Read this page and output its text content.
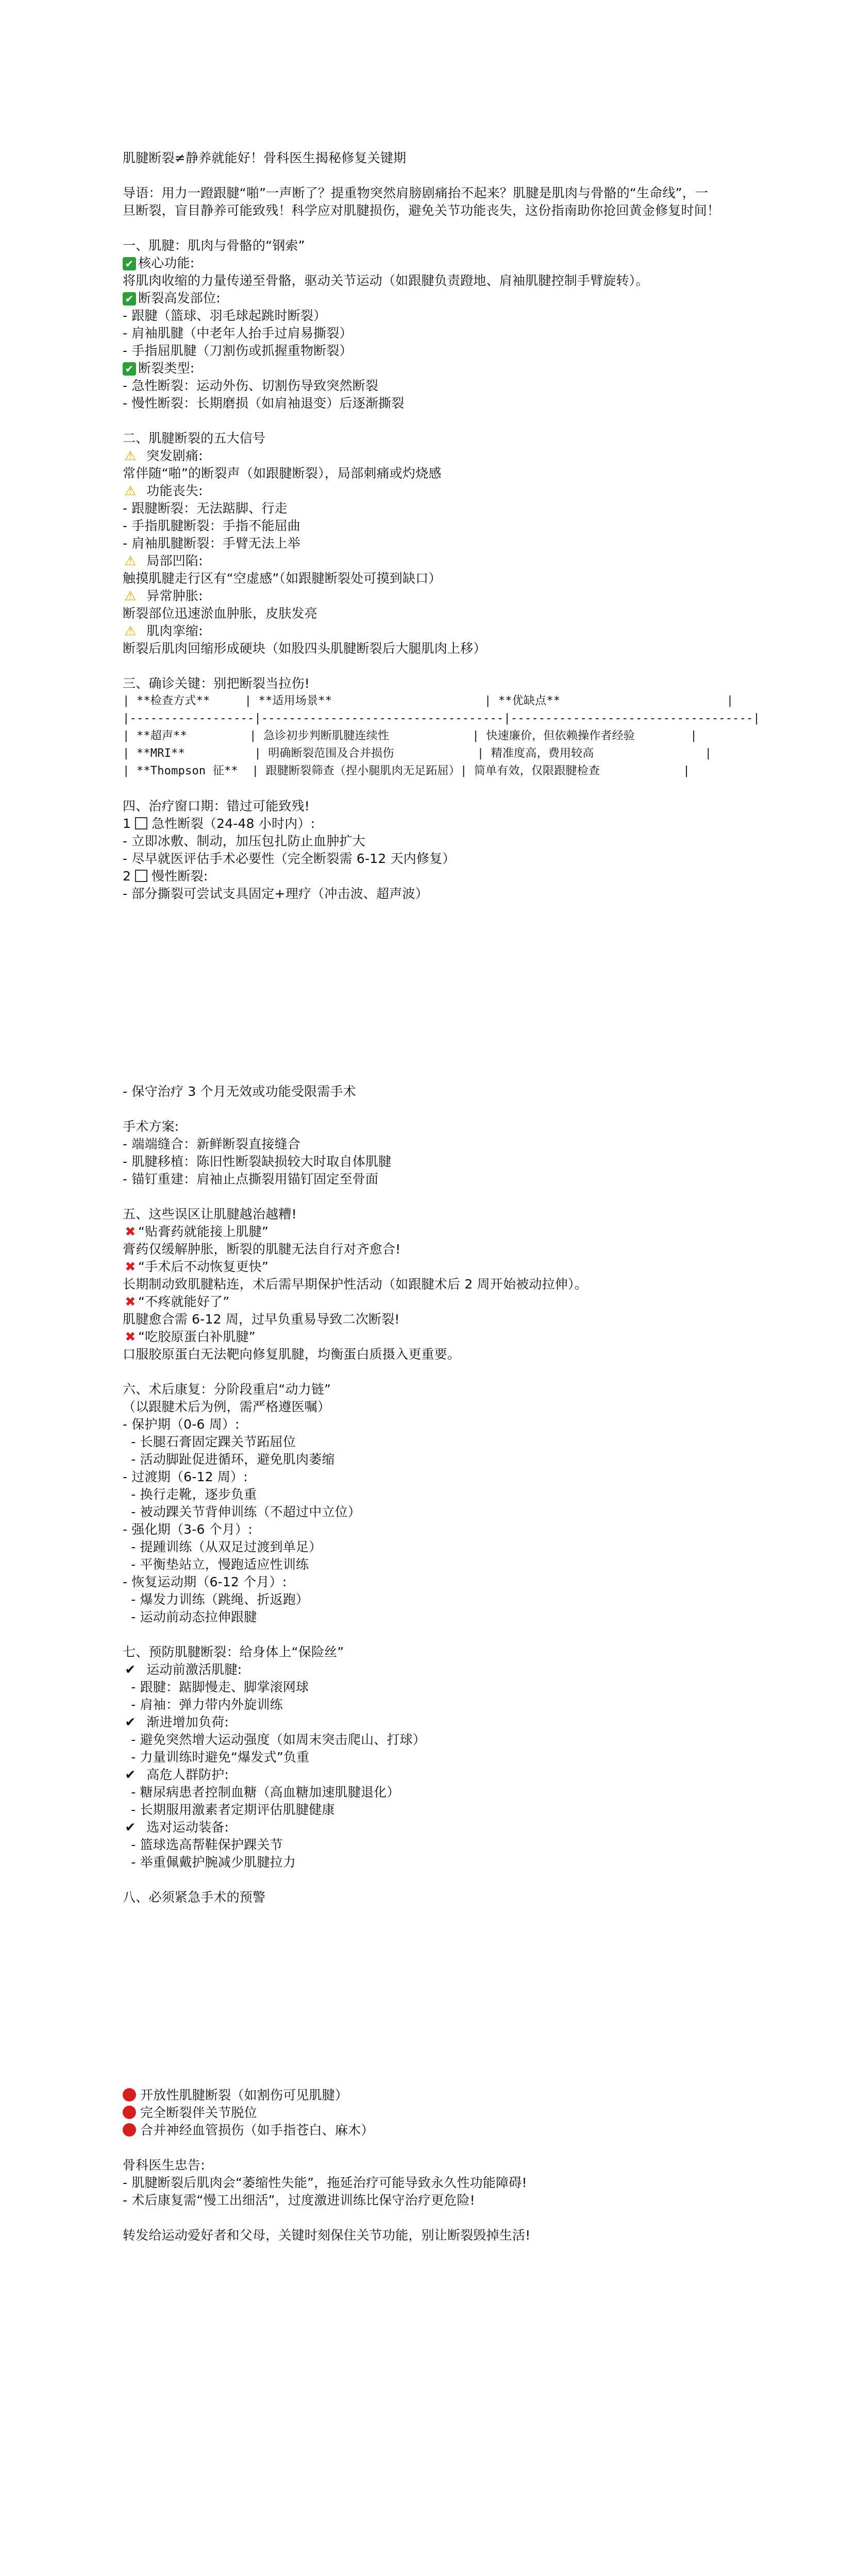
肌腱断裂≠静养就能好！骨科医生揭秘修复关键期
导语：用力一蹬跟腱“啪”一声断了？提重物突然肩膀剧痛抬不起来？肌腱是肌肉与骨骼的“生命线”，一旦断裂，盲目静养可能致残！科学应对肌腱损伤，避免关节功能丧失，这份指南助你抢回黄金修复时间！
一、肌腱：肌肉与骨骼的“钢索”
✔ 核心功能:
将肌肉收缩的力量传递至骨骼，驱动关节运动（如跟腱负责蹬地、肩袖肌腱控制手臂旋转）。
✔ 断裂高发部位:
- 跟腱（篮球、羽毛球起跳时断裂）
- 肩袖肌腱（中老年人抬手过肩易撕裂）
- 手指屈肌腱（刀割伤或抓握重物断裂）
✔ 断裂类型:
- 急性断裂：运动外伤、切割伤导致突然断裂
- 慢性断裂：长期磨损（如肩袖退变）后逐渐撕裂
二、肌腱断裂的五大信号
⚠ 突发剧痛:
常伴随“啪”的断裂声（如跟腱断裂），局部刺痛或灼烧感
⚠ 功能丧失:
- 跟腱断裂：无法踮脚、行走
- 手指肌腱断裂：手指不能屈曲
- 肩袖肌腱断裂：手臂无法上举
⚠ 局部凹陷:
触摸肌腱走行区有“空虚感”（如跟腱断裂处可摸到缺口）
⚠ 异常肿胀:
断裂部位迅速淤血肿胀，皮肤发亮
⚠ 肌肉挛缩:
断裂后肌肉回缩形成硬块（如股四头肌腱断裂后大腿肌肉上移）
三、确诊关键：别把断裂当拉伤!
| **检查方式**     | **适用场景**                      | **优缺点**                        |
|------------------|-----------------------------------|-----------------------------------|
| **超声**         | 急诊初步判断肌腱连续性            | 快速廉价，但依赖操作者经验        |
| **MRI**          | 明确断裂范围及合并损伤            | 精准度高，费用较高                |
| **Thompson 征**  | 跟腱断裂筛查（捏小腿肌肉无足跖屈）| 简单有效，仅限跟腱检查            |
四、治疗窗口期：错过可能致残!
1 急性断裂（24-48 小时内）:
- 立即冰敷、制动，加压包扎防止血肿扩大
- 尽早就医评估手术必要性（完全断裂需 6-12 天内修复）
2 慢性断裂:
- 部分撕裂可尝试支具固定+理疗（冲击波、超声波）
- 保守治疗 3 个月无效或功能受限需手术
手术方案:
- 端端缝合：新鲜断裂直接缝合
- 肌腱移植：陈旧性断裂缺损较大时取自体肌腱
- 锚钉重建：肩袖止点撕裂用锚钉固定至骨面
五、这些误区让肌腱越治越糟!
✖ “贴膏药就能接上肌腱”
膏药仅缓解肿胀，断裂的肌腱无法自行对齐愈合!
✖ “手术后不动恢复更快”
长期制动致肌腱粘连，术后需早期保护性活动（如跟腱术后 2 周开始被动拉伸）。
✖ “不疼就能好了”
肌腱愈合需 6-12 周，过早负重易导致二次断裂!
✖ “吃胶原蛋白补肌腱”
口服胶原蛋白无法靶向修复肌腱，均衡蛋白质摄入更重要。
六、术后康复：分阶段重启“动力链”
（以跟腱术后为例，需严格遵医嘱）
- 保护期（0-6 周）:
- 长腿石膏固定踝关节跖屈位
- 活动脚趾促进循环，避免肌肉萎缩
- 过渡期（6-12 周）:
- 换行走靴，逐步负重
- 被动踝关节背伸训练（不超过中立位）
- 强化期（3-6 个月）:
- 提踵训练（从双足过渡到单足）
- 平衡垫站立，慢跑适应性训练
- 恢复运动期（6-12 个月）:
- 爆发力训练（跳绳、折返跑）
- 运动前动态拉伸跟腱
七、预防肌腱断裂：给身体上“保险丝”
✔ 运动前激活肌腱:
- 跟腱：踮脚慢走、脚掌滚网球
- 肩袖：弹力带内外旋训练
✔ 渐进增加负荷:
- 避免突然增大运动强度（如周末突击爬山、打球）
- 力量训练时避免“爆发式”负重
✔ 高危人群防护:
- 糖尿病患者控制血糖（高血糖加速肌腱退化）
- 长期服用激素者定期评估肌腱健康
✔ 选对运动装备:
- 篮球选高帮鞋保护踝关节
- 举重佩戴护腕减少肌腱拉力
八、必须紧急手术的预警
开放性肌腱断裂（如割伤可见肌腱）
完全断裂伴关节脱位
合并神经血管损伤（如手指苍白、麻木）
骨科医生忠告:
- 肌腱断裂后肌肉会“萎缩性失能”，拖延治疗可能导致永久性功能障碍!
- 术后康复需“慢工出细活”，过度激进训练比保守治疗更危险!
转发给运动爱好者和父母，关键时刻保住关节功能，别让断裂毁掉生活!
